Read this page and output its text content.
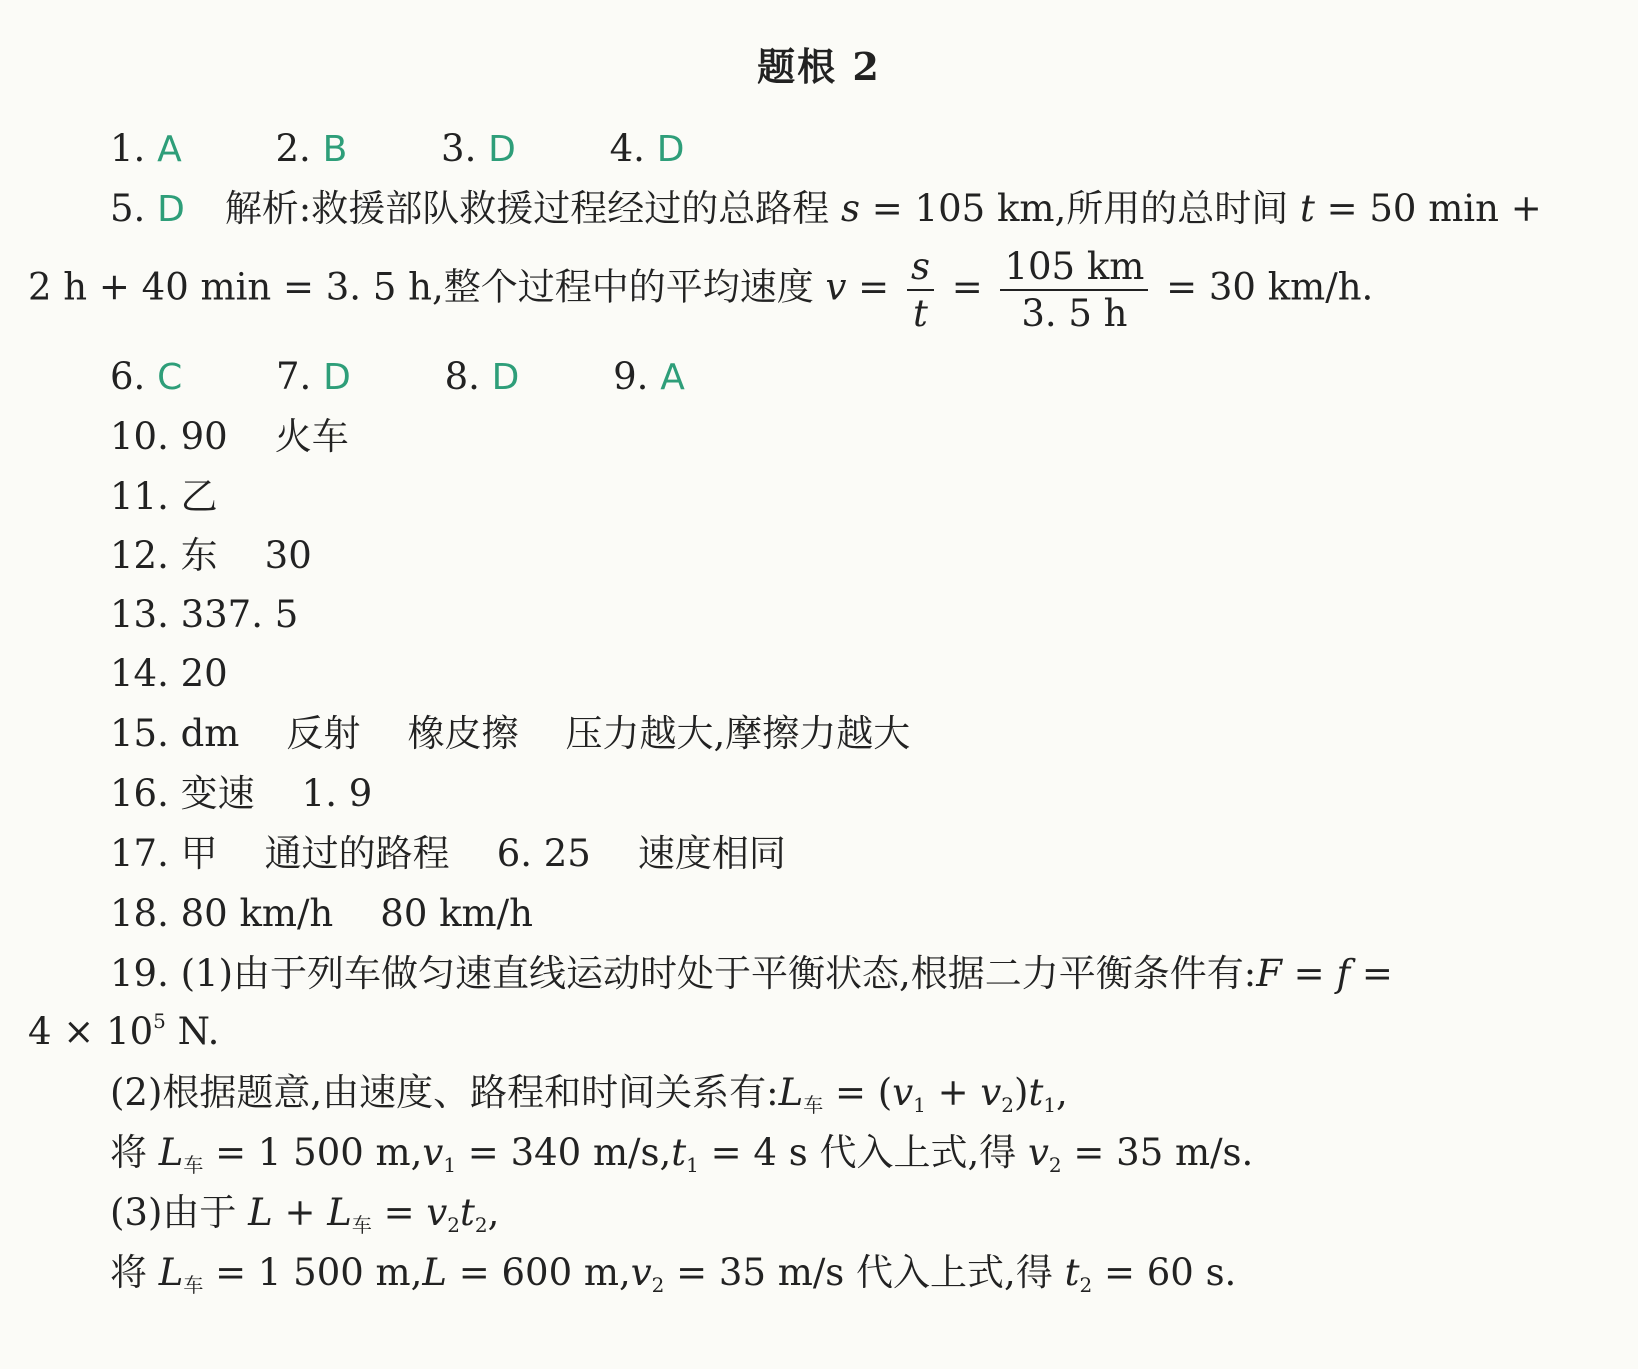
题根 2
1. A	2. B	3. D	4. D
5. D 解析:救援部队救援过程经过的总路程 s = 105 km,所用的总时间 t = 50 min +
2 h + 40 min = 3. 5 h,整个过程中的平均速度 $v = \frac{s}{t} = \frac{105 km}{3. 5 h} = 30$ km/h.
6. C	7. D	8. D	9. A
10. 90    火车
11. 乙
12. 东    30
13. 337. 5
14. 20
15. dm    反射    橡皮擦    压力越大,摩擦力越大
16. 变速    1. 9
17. 甲    通过的路程    6. 25    速度相同
18. 80 km/h    80 km/h
19. (1)由于列车做匀速直线运动时处于平衡状态,根据二力平衡条件有:F = f =
$4 \times 10^5$ N.
(2)根据题意,由速度、路程和时间关系有$:L_车 = (v_1 + v_2)t_1$,
将 $L_车 = 1$ 500 $m,v_1 = 340$ $m/s,t_1 = 4$ s 代入上式,得 $v_2 = 35$ m/s.
(3)由于 $L + L_车 = v_2t_2$,
将 $L_车 = 1$ 500 m,L = 600 $m,v_2 = 35$ m/s 代入上式,得 $t_2 = 60$ s.
